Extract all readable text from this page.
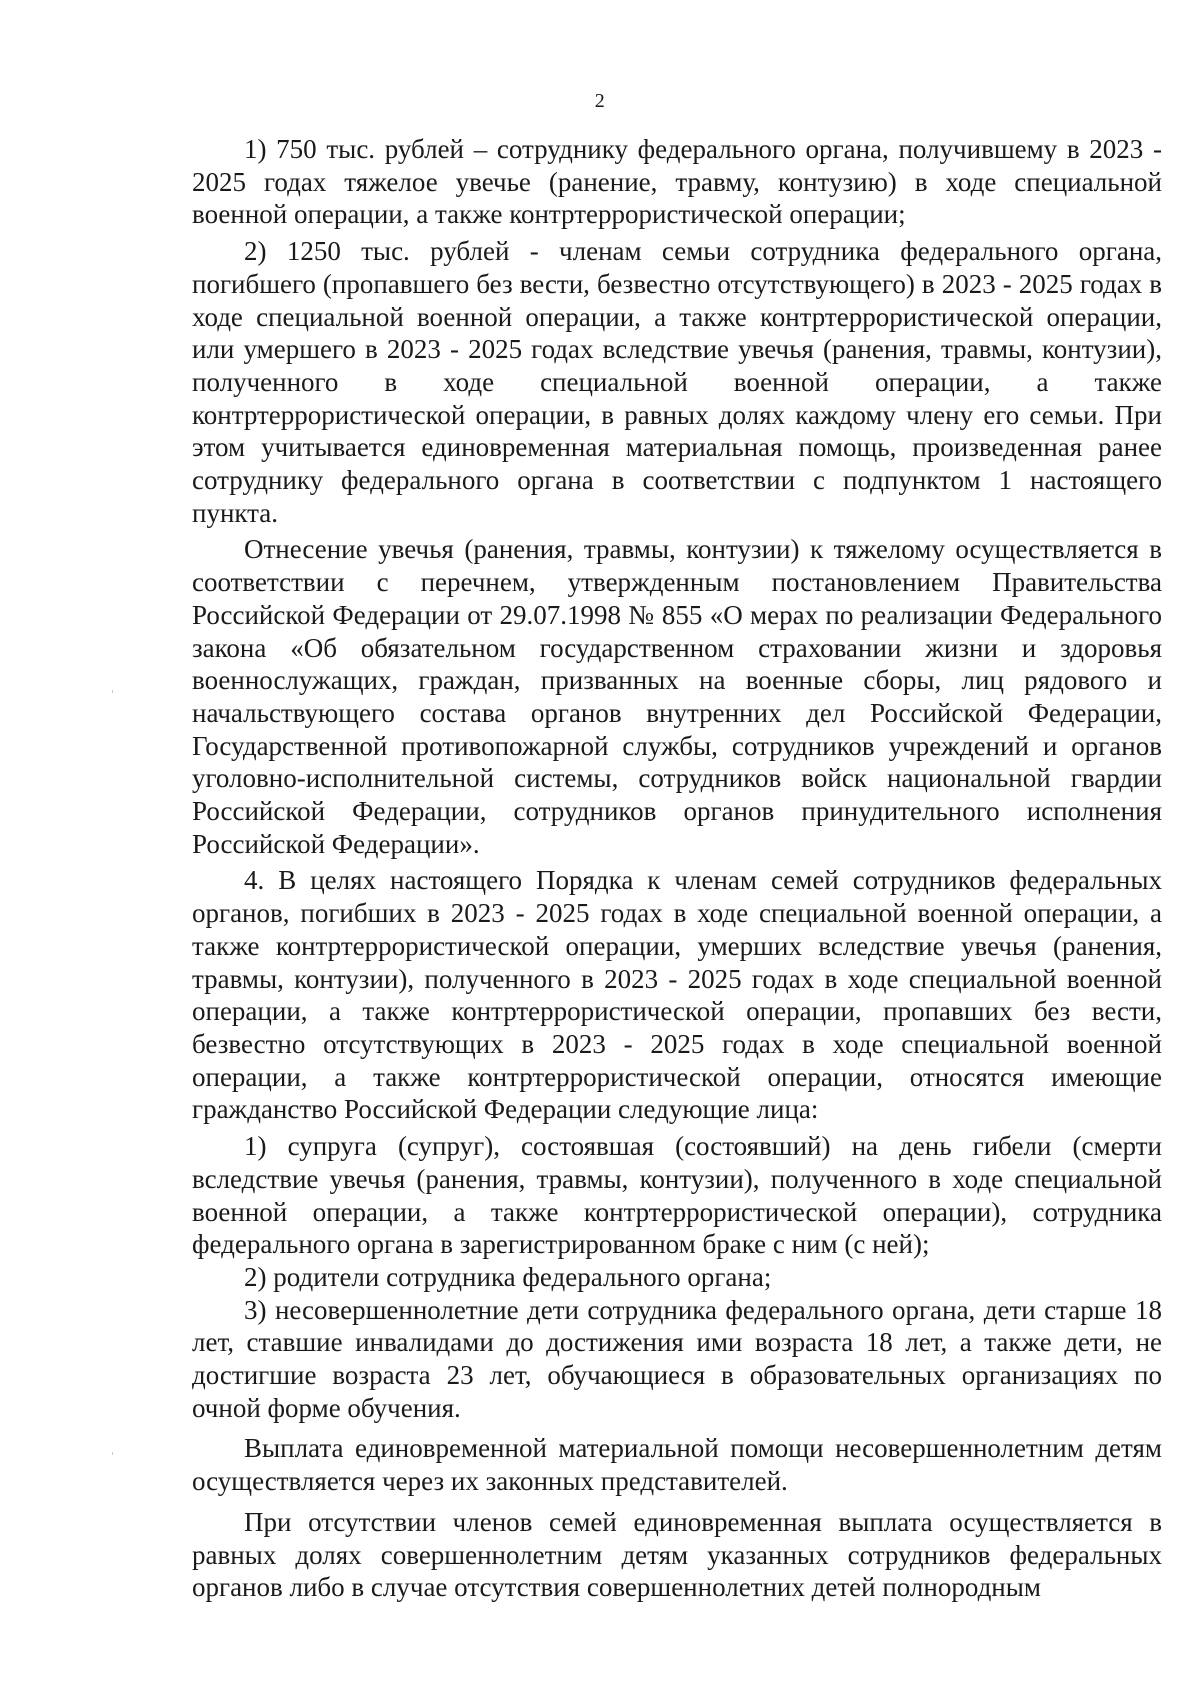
2

1) 750 тыс. рублей – сотруднику федерального органа, получившему в 2023 - 2025 годах тяжелое увечье (ранение, травму, контузию) в ходе специальной военной операции, а также контртеррористической операции;

2) 1250 тыс. рублей - членам семьи сотрудника федерального органа, погибшего (пропавшего без вести, безвестно отсутствующего) в 2023 - 2025 годах в ходе специальной военной операции, а также контртеррористической операции, или умершего в 2023 - 2025 годах вследствие увечья (ранения, травмы, контузии), полученного в ходе специальной военной операции, а также контртеррористической операции, в равных долях каждому члену его семьи. При этом учитывается единовременная материальная помощь, произведенная ранее сотруднику федерального органа в соответствии с подпунктом 1 настоящего пункта.

Отнесение увечья (ранения, травмы, контузии) к тяжелому осуществляется в соответствии с перечнем, утвержденным постановлением Правительства Российской Федерации от 29.07.1998 № 855 «О мерах по реализации Федерального закона «Об обязательном государственном страховании жизни и здоровья военнослужащих, граждан, призванных на военные сборы, лиц рядового и начальствующего состава органов внутренних дел Российской Федерации, Государственной противопожарной службы, сотрудников учреждений и органов уголовно-исполнительной системы, сотрудников войск национальной гвардии Российской Федерации, сотрудников органов принудительного исполнения Российской Федерации».

4. В целях настоящего Порядка к членам семей сотрудников федеральных органов, погибших в 2023 - 2025 годах в ходе специальной военной операции, а также контртеррористической операции, умерших вследствие увечья (ранения, травмы, контузии), полученного в 2023 - 2025 годах в ходе специальной военной операции, а также контртеррористической операции, пропавших без вести, безвестно отсутствующих в 2023 - 2025 годах в ходе специальной военной операции, а также контртеррористической операции, относятся имеющие гражданство Российской Федерации следующие лица:

1) супруга (супруг), состоявшая (состоявший) на день гибели (смерти вследствие увечья (ранения, травмы, контузии), полученного в ходе специальной военной операции, а также контртеррористической операции), сотрудника федерального органа в зарегистрированном браке с ним (с ней);

2) родители сотрудника федерального органа;

3) несовершеннолетние дети сотрудника федерального органа, дети старше 18 лет, ставшие инвалидами до достижения ими возраста 18 лет, а также дети, не достигшие возраста 23 лет, обучающиеся в образовательных организациях по очной форме обучения.

Выплата единовременной материальной помощи несовершеннолетним детям осуществляется через их законных представителей.

При отсутствии членов семей единовременная выплата осуществляется в равных долях совершеннолетним детям указанных сотрудников федеральных органов либо в случае отсутствия совершеннолетних детей полнородным
